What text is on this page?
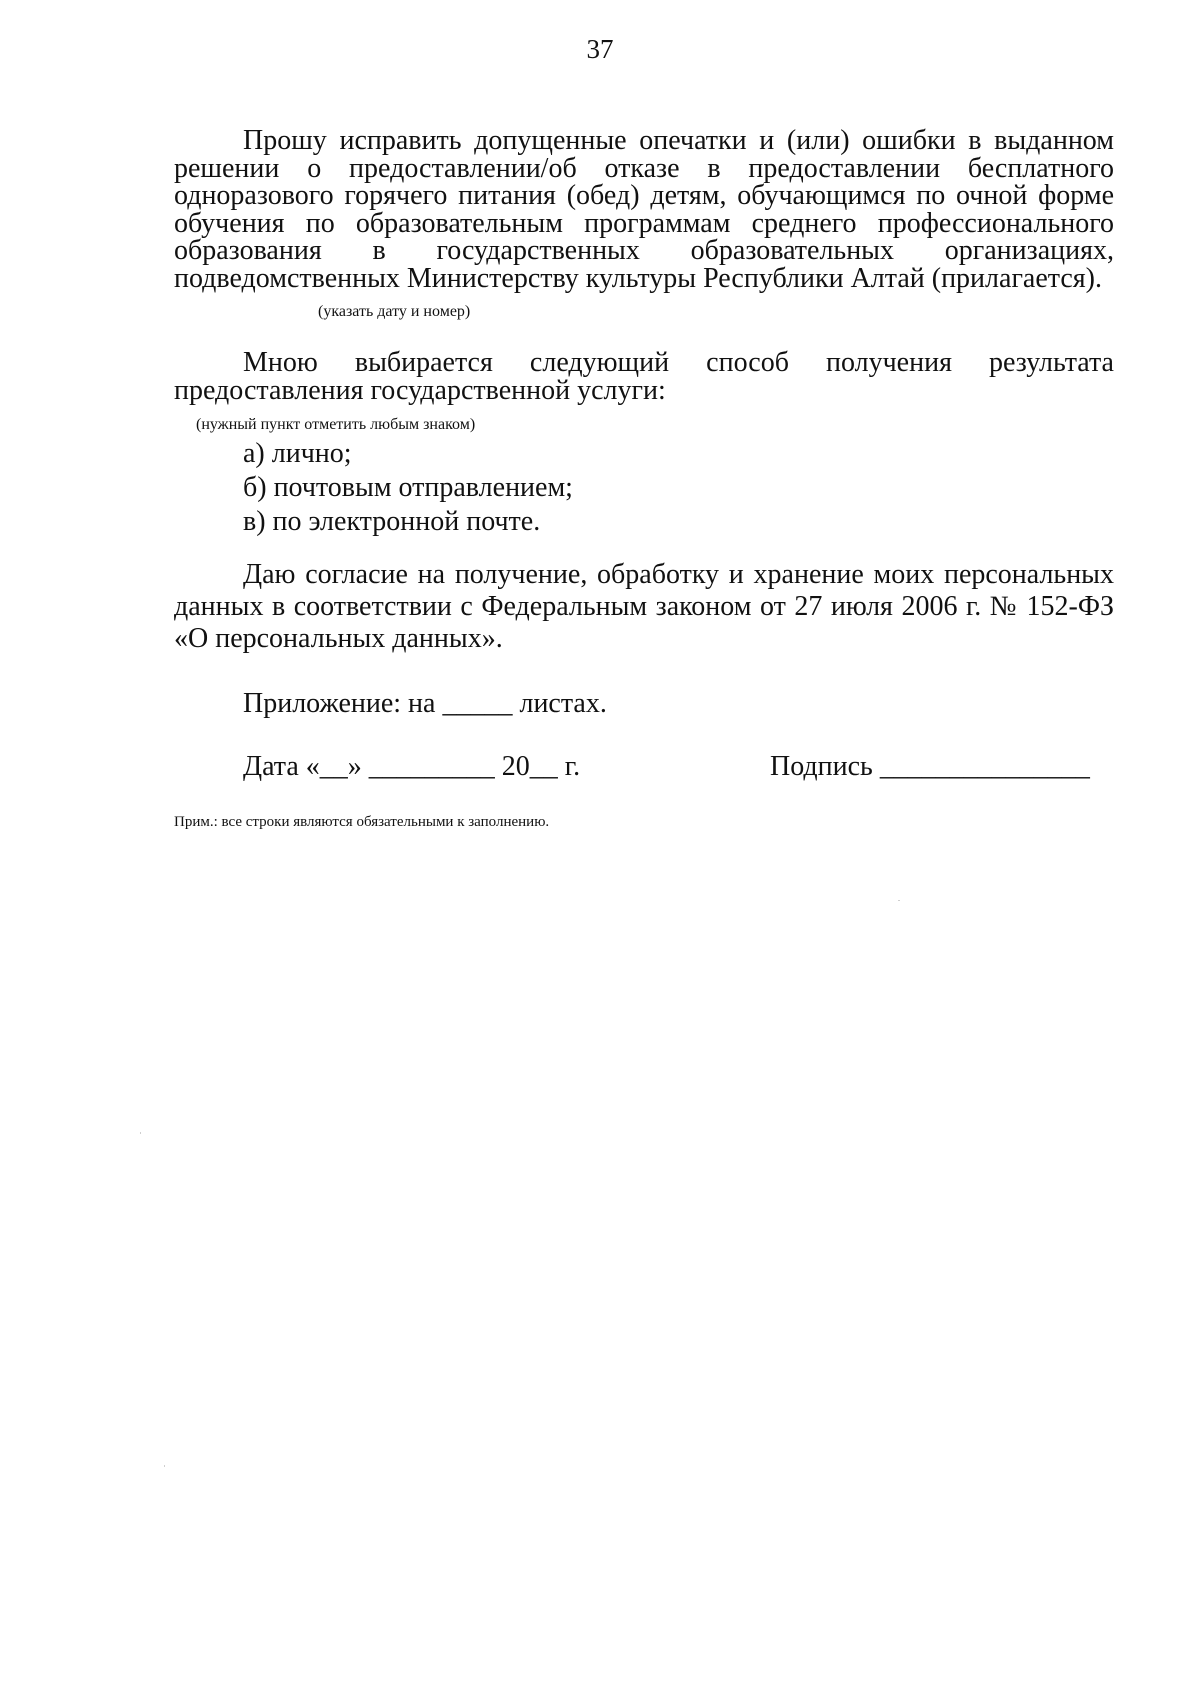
37

Прошу исправить допущенные опечатки и (или) ошибки в выданном решении о предоставлении/об отказе в предоставлении бесплатного одноразового горячего питания (обед) детям, обучающимся по очной форме обучения по образовательным программам среднего профессионального образования в государственных образовательных организациях, подведомственных Министерству культуры Республики Алтай (прилагается).

(указать дату и номер)

Мною выбирается следующий способ получения результата предоставления государственной услуги:

(нужный пункт отметить любым знаком)
а) лично;
б) почтовым отправлением;
в) по электронной почте.

Даю согласие на получение, обработку и хранение моих персональных данных в соответствии с Федеральным законом от 27 июля 2006 г. № 152-ФЗ «О персональных данных».

Приложение: на _____ листах.
Дата «__» _________ 20__ г.	Подпись _______________
Прим.: все строки являются обязательными к заполнению.
